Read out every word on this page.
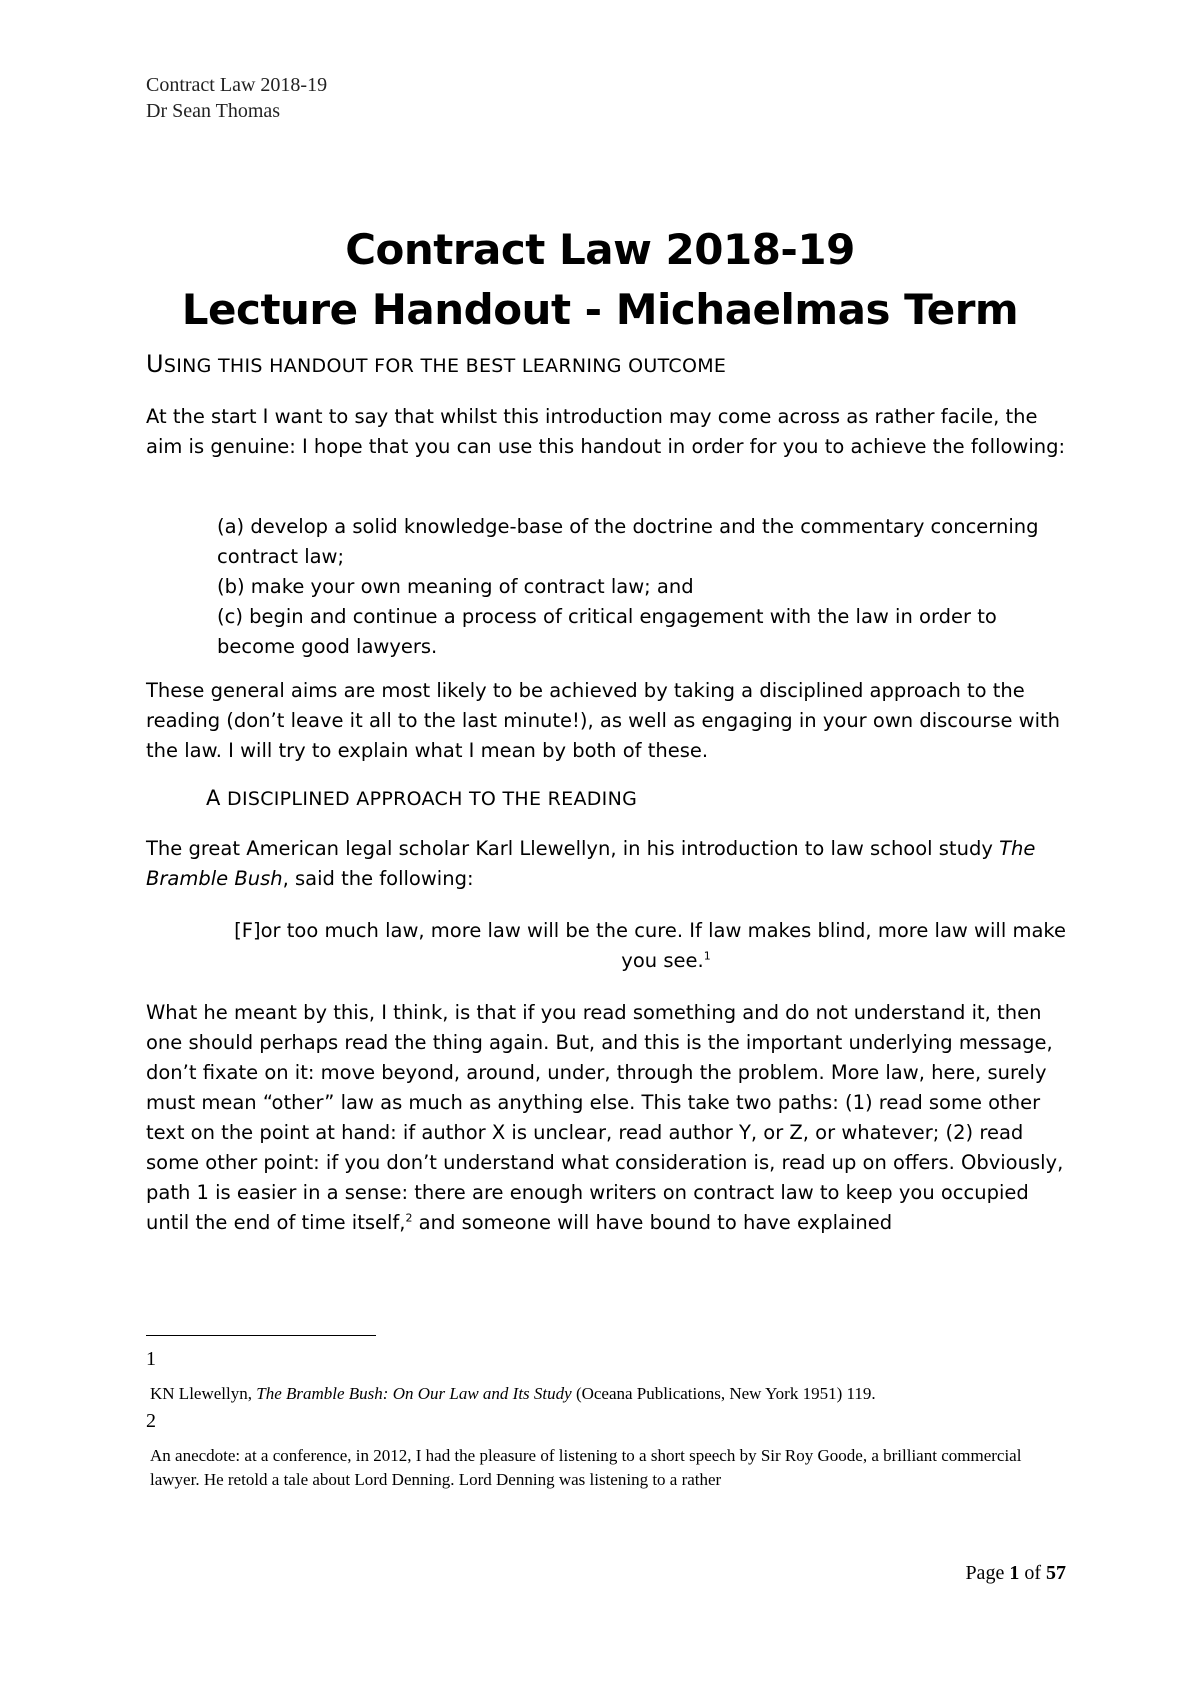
Contract Law 2018-19
Dr Sean Thomas
Contract Law 2018-19
Lecture Handout - Michaelmas Term
USING THIS HANDOUT FOR THE BEST LEARNING OUTCOME

At the start I want to say that whilst this introduction may come across as rather facile, the aim is genuine: I hope that you can use this handout in order for you to achieve the following:

(a) develop a solid knowledge-base of the doctrine and the commentary concerning contract law;
(b) make your own meaning of contract law; and
(c) begin and continue a process of critical engagement with the law in order to become good lawyers.

These general aims are most likely to be achieved by taking a disciplined approach to the reading (don’t leave it all to the last minute!), as well as engaging in your own discourse with the law. I will try to explain what I mean by both of these.

A DISCIPLINED APPROACH TO THE READING

The great American legal scholar Karl Llewellyn, in his introduction to law school study The Bramble Bush, said the following:

[F]or too much law, more law will be the cure. If law makes blind, more law will make
you see.$^1$

What he meant by this, I think, is that if you read something and do not understand it, then one should perhaps read the thing again. But, and this is the important underlying message, don’t fixate on it: move beyond, around, under, through the problem. More law, here, surely must mean “other” law as much as anything else. This take two paths: (1) read some other text on the point at hand: if author X is unclear, read author Y, or Z, or whatever; (2) read some other point: if you don’t understand what consideration is, read up on offers. Obviously, path 1 is easier in a sense: there are enough writers on contract law to keep you occupied until the end of time itself,$^2$ and someone will have bound to have explained

1
KN Llewellyn, The Bramble Bush: On Our Law and Its Study (Oceana Publications, New York 1951) 119.
2
An anecdote: at a conference, in 2012, I had the pleasure of listening to a short speech by Sir Roy Goode, a brilliant commercial lawyer. He retold a tale about Lord Denning. Lord Denning was listening to a rather
Page 1 of 57
